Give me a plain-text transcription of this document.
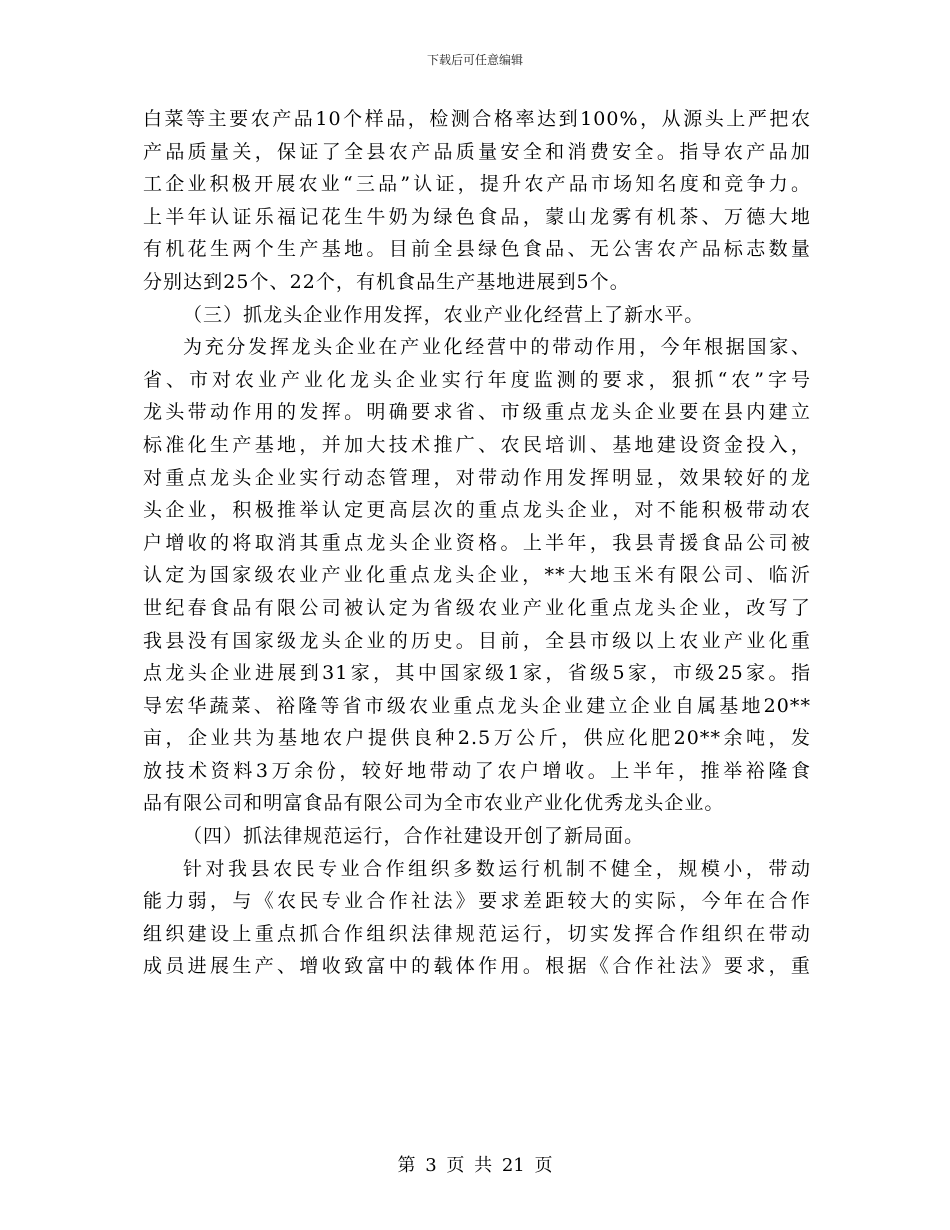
下载后可任意编辑
白菜等主要农产品10个样品，检测合格率达到100%，从源头上严把农
产品质量关，保证了全县农产品质量安全和消费安全。指导农产品加
工企业积极开展农业“三品”认证，提升农产品市场知名度和竞争力。
上半年认证乐福记花生牛奶为绿色食品，蒙山龙雾有机茶、万德大地
有机花生两个生产基地。目前全县绿色食品、无公害农产品标志数量
分别达到25个、22个，有机食品生产基地进展到5个。
（三）抓龙头企业作用发挥，农业产业化经营上了新水平。
为充分发挥龙头企业在产业化经营中的带动作用，今年根据国家、
省、市对农业产业化龙头企业实行年度监测的要求，狠抓“农”字号
龙头带动作用的发挥。明确要求省、市级重点龙头企业要在县内建立
标准化生产基地，并加大技术推广、农民培训、基地建设资金投入，
对重点龙头企业实行动态管理，对带动作用发挥明显，效果较好的龙
头企业，积极推举认定更高层次的重点龙头企业，对不能积极带动农
户增收的将取消其重点龙头企业资格。上半年，我县青援食品公司被
认定为国家级农业产业化重点龙头企业，**大地玉米有限公司、临沂
世纪春食品有限公司被认定为省级农业产业化重点龙头企业，改写了
我县没有国家级龙头企业的历史。目前，全县市级以上农业产业化重
点龙头企业进展到31家，其中国家级1家，省级5家，市级25家。指
导宏华蔬菜、裕隆等省市级农业重点龙头企业建立企业自属基地20**
亩，企业共为基地农户提供良种2.5万公斤，供应化肥20**余吨，发
放技术资料3万余份，较好地带动了农户增收。上半年，推举裕隆食
品有限公司和明富食品有限公司为全市农业产业化优秀龙头企业。
（四）抓法律规范运行，合作社建设开创了新局面。
针对我县农民专业合作组织多数运行机制不健全，规模小，带动
能力弱，与《农民专业合作社法》要求差距较大的实际，今年在合作
组织建设上重点抓合作组织法律规范运行，切实发挥合作组织在带动
成员进展生产、增收致富中的载体作用。根据《合作社法》要求，重
第 3 页 共 21 页
